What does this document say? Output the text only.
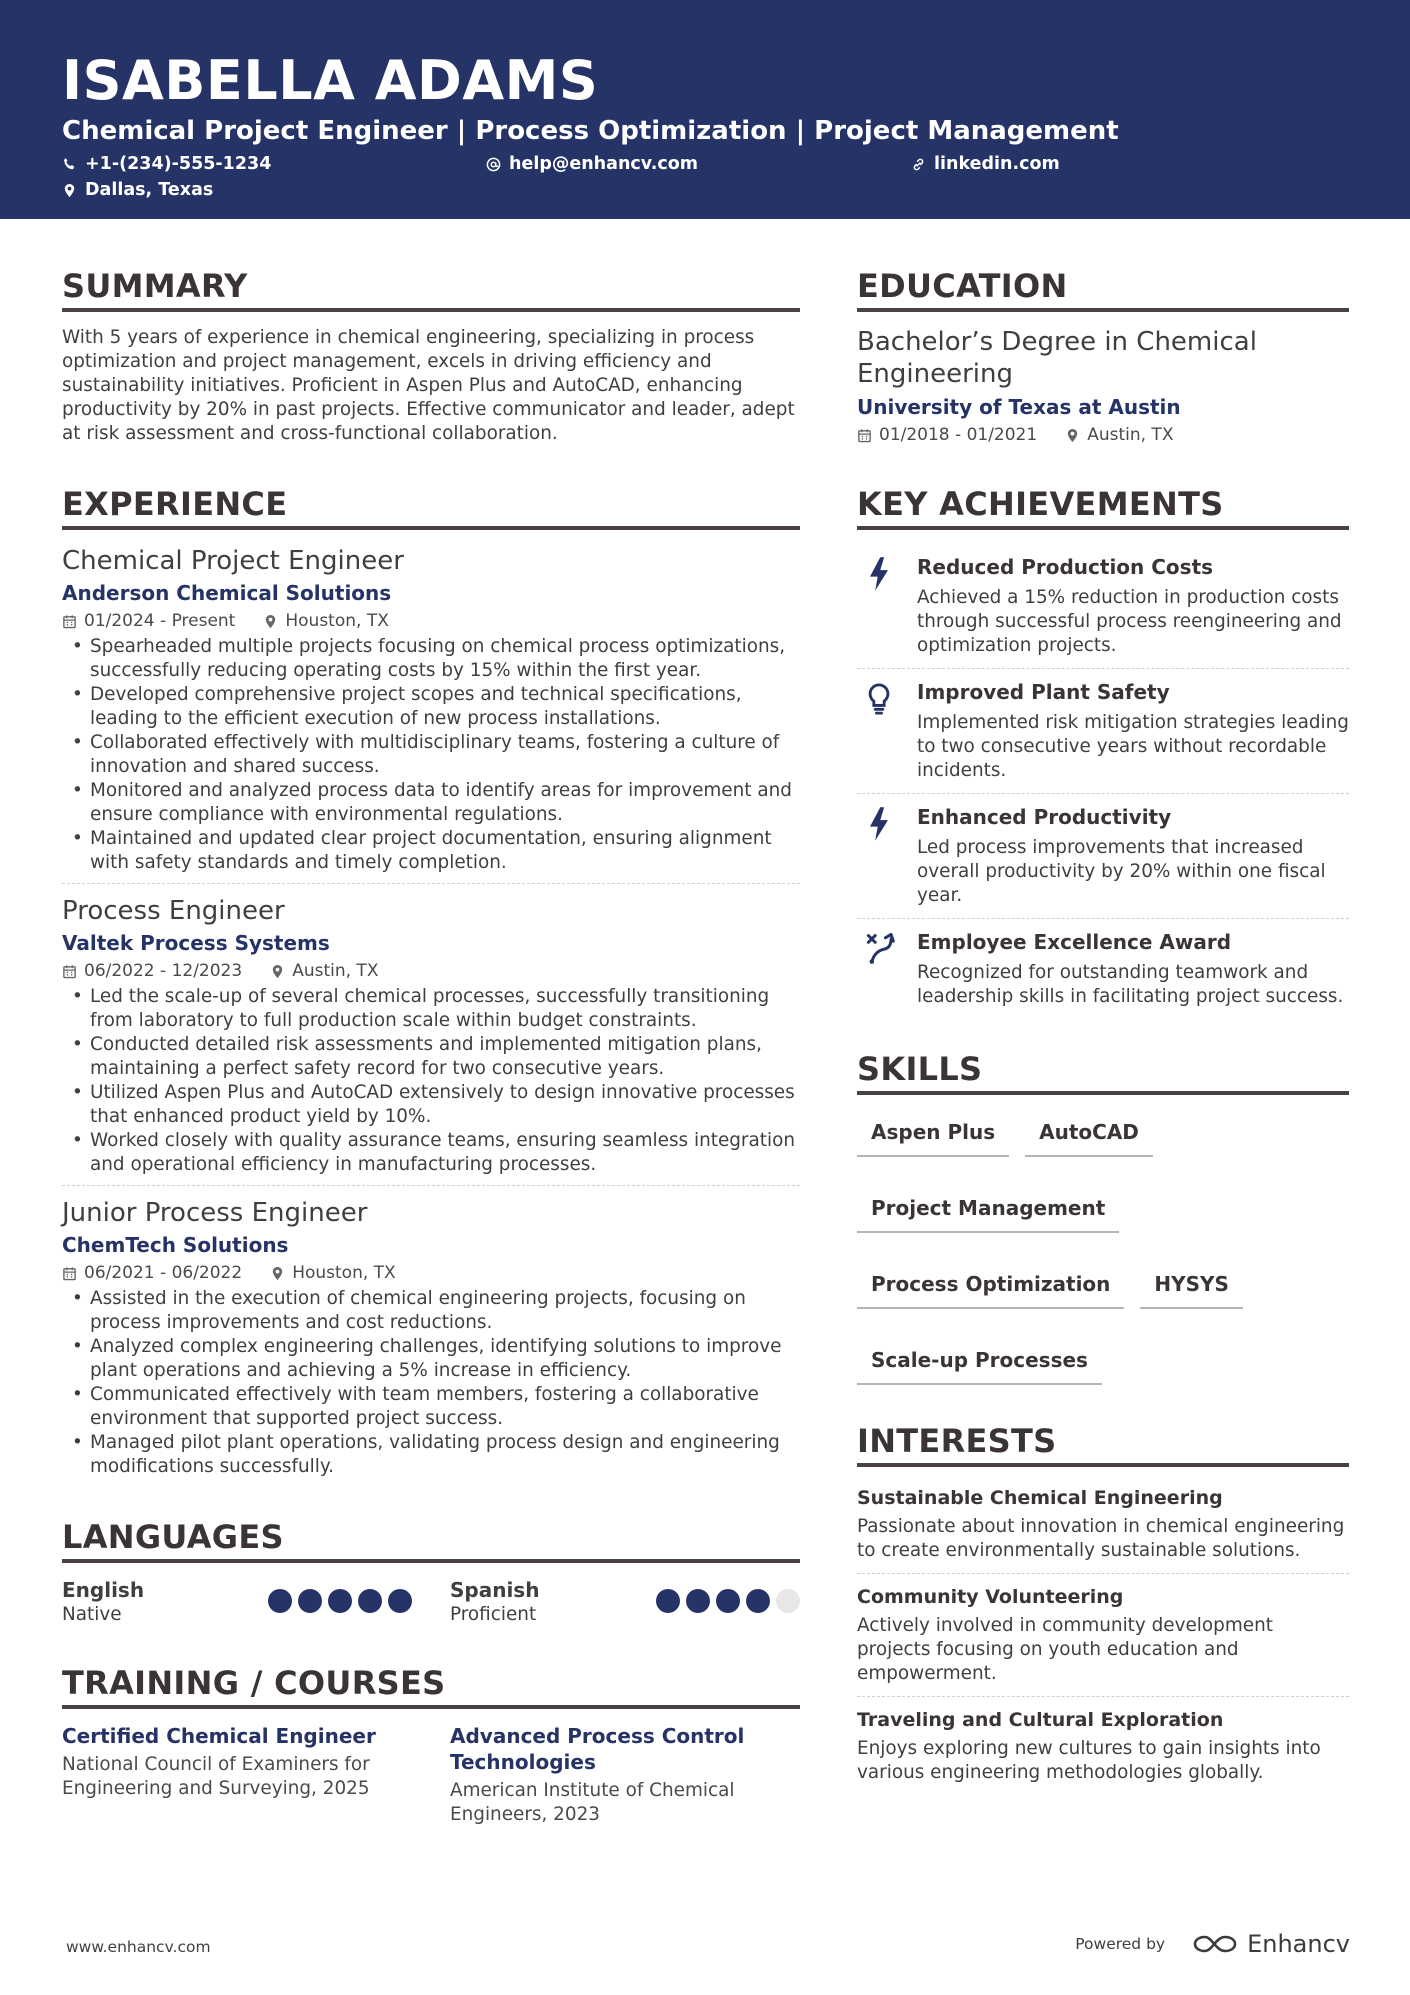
ISABELLA ADAMS
Chemical Project Engineer | Process Optimization | Project Management
+1-(234)-555-1234	help@enhancv.com	linkedin.com
Dallas, Texas
SUMMARY
With 5 years of experience in chemical engineering, specializing in process optimization and project management, excels in driving efficiency and sustainability initiatives. Proficient in Aspen Plus and AutoCAD, enhancing productivity by 20% in past projects. Effective communicator and leader, adept at risk assessment and cross-functional collaboration.
EXPERIENCE
Chemical Project Engineer
Anderson Chemical Solutions
01/2024 - Present	Houston, TX
• Spearheaded multiple projects focusing on chemical process optimizations, successfully reducing operating costs by 15% within the first year.
• Developed comprehensive project scopes and technical specifications, leading to the efficient execution of new process installations.
• Collaborated effectively with multidisciplinary teams, fostering a culture of innovation and shared success.
• Monitored and analyzed process data to identify areas for improvement and ensure compliance with environmental regulations.
• Maintained and updated clear project documentation, ensuring alignment with safety standards and timely completion.
Process Engineer
Valtek Process Systems
06/2022 - 12/2023	Austin, TX
• Led the scale-up of several chemical processes, successfully transitioning from laboratory to full production scale within budget constraints.
• Conducted detailed risk assessments and implemented mitigation plans, maintaining a perfect safety record for two consecutive years.
• Utilized Aspen Plus and AutoCAD extensively to design innovative processes that enhanced product yield by 10%.
• Worked closely with quality assurance teams, ensuring seamless integration and operational efficiency in manufacturing processes.
Junior Process Engineer
ChemTech Solutions
06/2021 - 06/2022	Houston, TX
• Assisted in the execution of chemical engineering projects, focusing on process improvements and cost reductions.
• Analyzed complex engineering challenges, identifying solutions to improve plant operations and achieving a 5% increase in efficiency.
• Communicated effectively with team members, fostering a collaborative environment that supported project success.
• Managed pilot plant operations, validating process design and engineering modifications successfully.
LANGUAGES
English
Native
Spanish
Proficient
TRAINING / COURSES
Certified Chemical Engineer
National Council of Examiners for Engineering and Surveying, 2025
Advanced Process Control Technologies
American Institute of Chemical Engineers, 2023
EDUCATION
Bachelor’s Degree in Chemical Engineering
University of Texas at Austin
01/2018 - 01/2021	Austin, TX
KEY ACHIEVEMENTS
Reduced Production Costs
Achieved a 15% reduction in production costs through successful process reengineering and optimization projects.
Improved Plant Safety
Implemented risk mitigation strategies leading to two consecutive years without recordable incidents.
Enhanced Productivity
Led process improvements that increased overall productivity by 20% within one fiscal year.
Employee Excellence Award
Recognized for outstanding teamwork and leadership skills in facilitating project success.
SKILLS
Aspen Plus	AutoCAD
Project Management
Process Optimization	HYSYS
Scale-up Processes
INTERESTS
Sustainable Chemical Engineering
Passionate about innovation in chemical engineering to create environmentally sustainable solutions.
Community Volunteering
Actively involved in community development projects focusing on youth education and empowerment.
Traveling and Cultural Exploration
Enjoys exploring new cultures to gain insights into various engineering methodologies globally.
www.enhancv.com	Powered by	Enhancv
